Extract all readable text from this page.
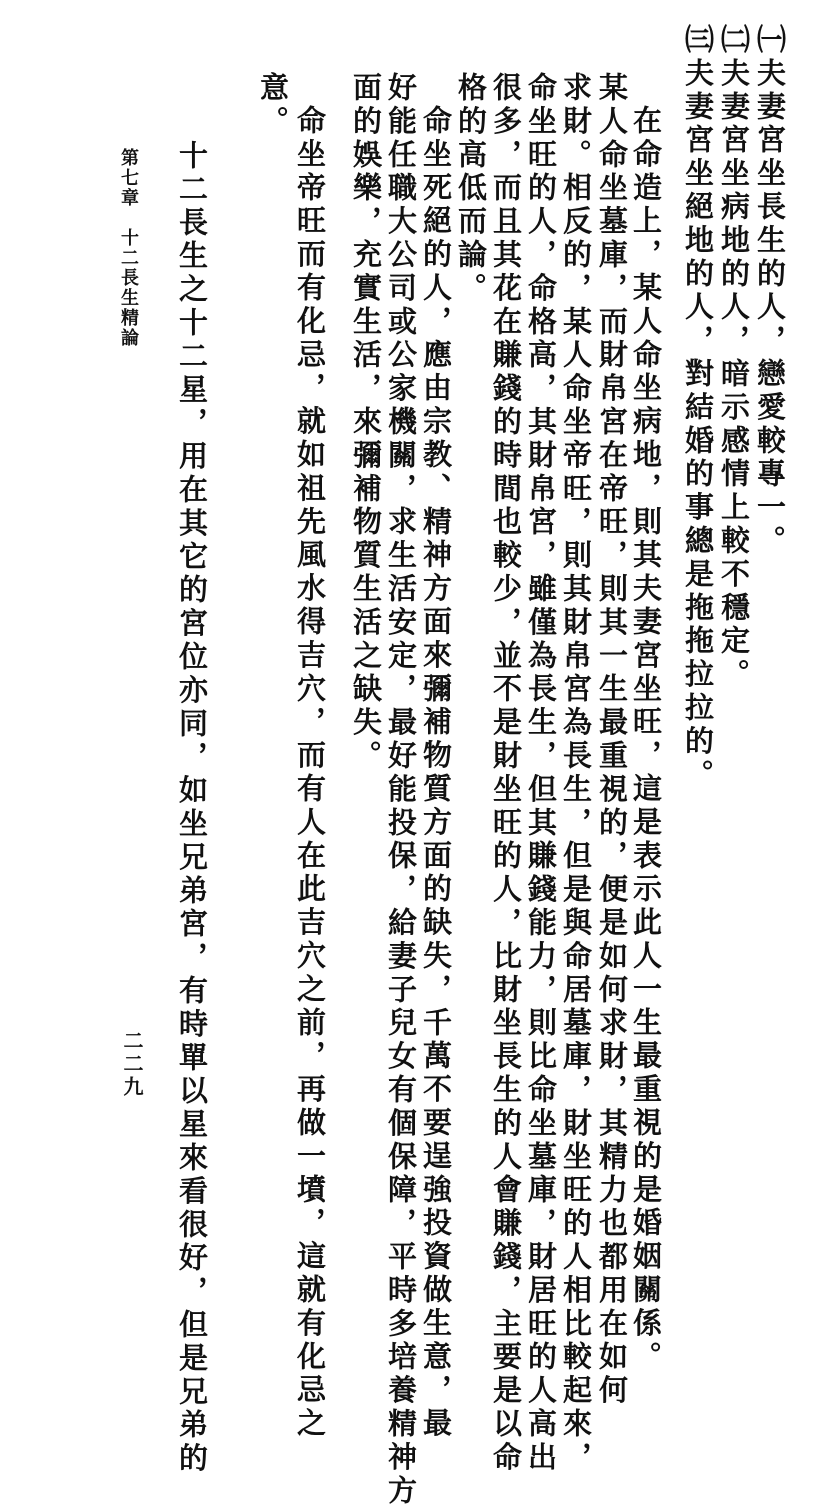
㈠夫妻宮坐長生的人，戀愛較專一。
㈡夫妻宮坐病地的人，暗示感情上較不穩定。
㈢夫妻宮坐絕地的人，對結婚的事總是拖拖拉拉的。
在命造上，某人命坐病地，則其夫妻宮坐旺，這是表示此人一生最重視的是婚姻關係。
某人命坐墓庫，而財帛宮在帝旺，則其一生最重視的，便是如何求財，其精力也都用在如何
求財。相反的，某人命坐帝旺，則其財帛宮為長生，但是與命居墓庫，財坐旺的人相比較起來，
命坐旺的人，命格高，其財帛宮，雖僅為長生，但其賺錢能力，則比命坐墓庫，財居旺的人高出
很多，而且其花在賺錢的時間也較少，並不是財坐旺的人，比財坐長生的人會賺錢，主要是以命
格的高低而論。
命坐死絕的人，應由宗教、精神方面來彌補物質方面的缺失，千萬不要逞強投資做生意，最
好能任職大公司或公家機關，求生活安定，最好能投保，給妻子兒女有個保障，平時多培養精神方
面的娛樂，充實生活，來彌補物質生活之缺失。
命坐帝旺而有化忌，就如祖先風水得吉穴，而有人在此吉穴之前，再做一墳，這就有化忌之
意。
十二長生之十二星，用在其它的宮位亦同，如坐兄弟宮，有時單以星來看很好，但是兄弟的
第七章　十二長生精論
二二九
